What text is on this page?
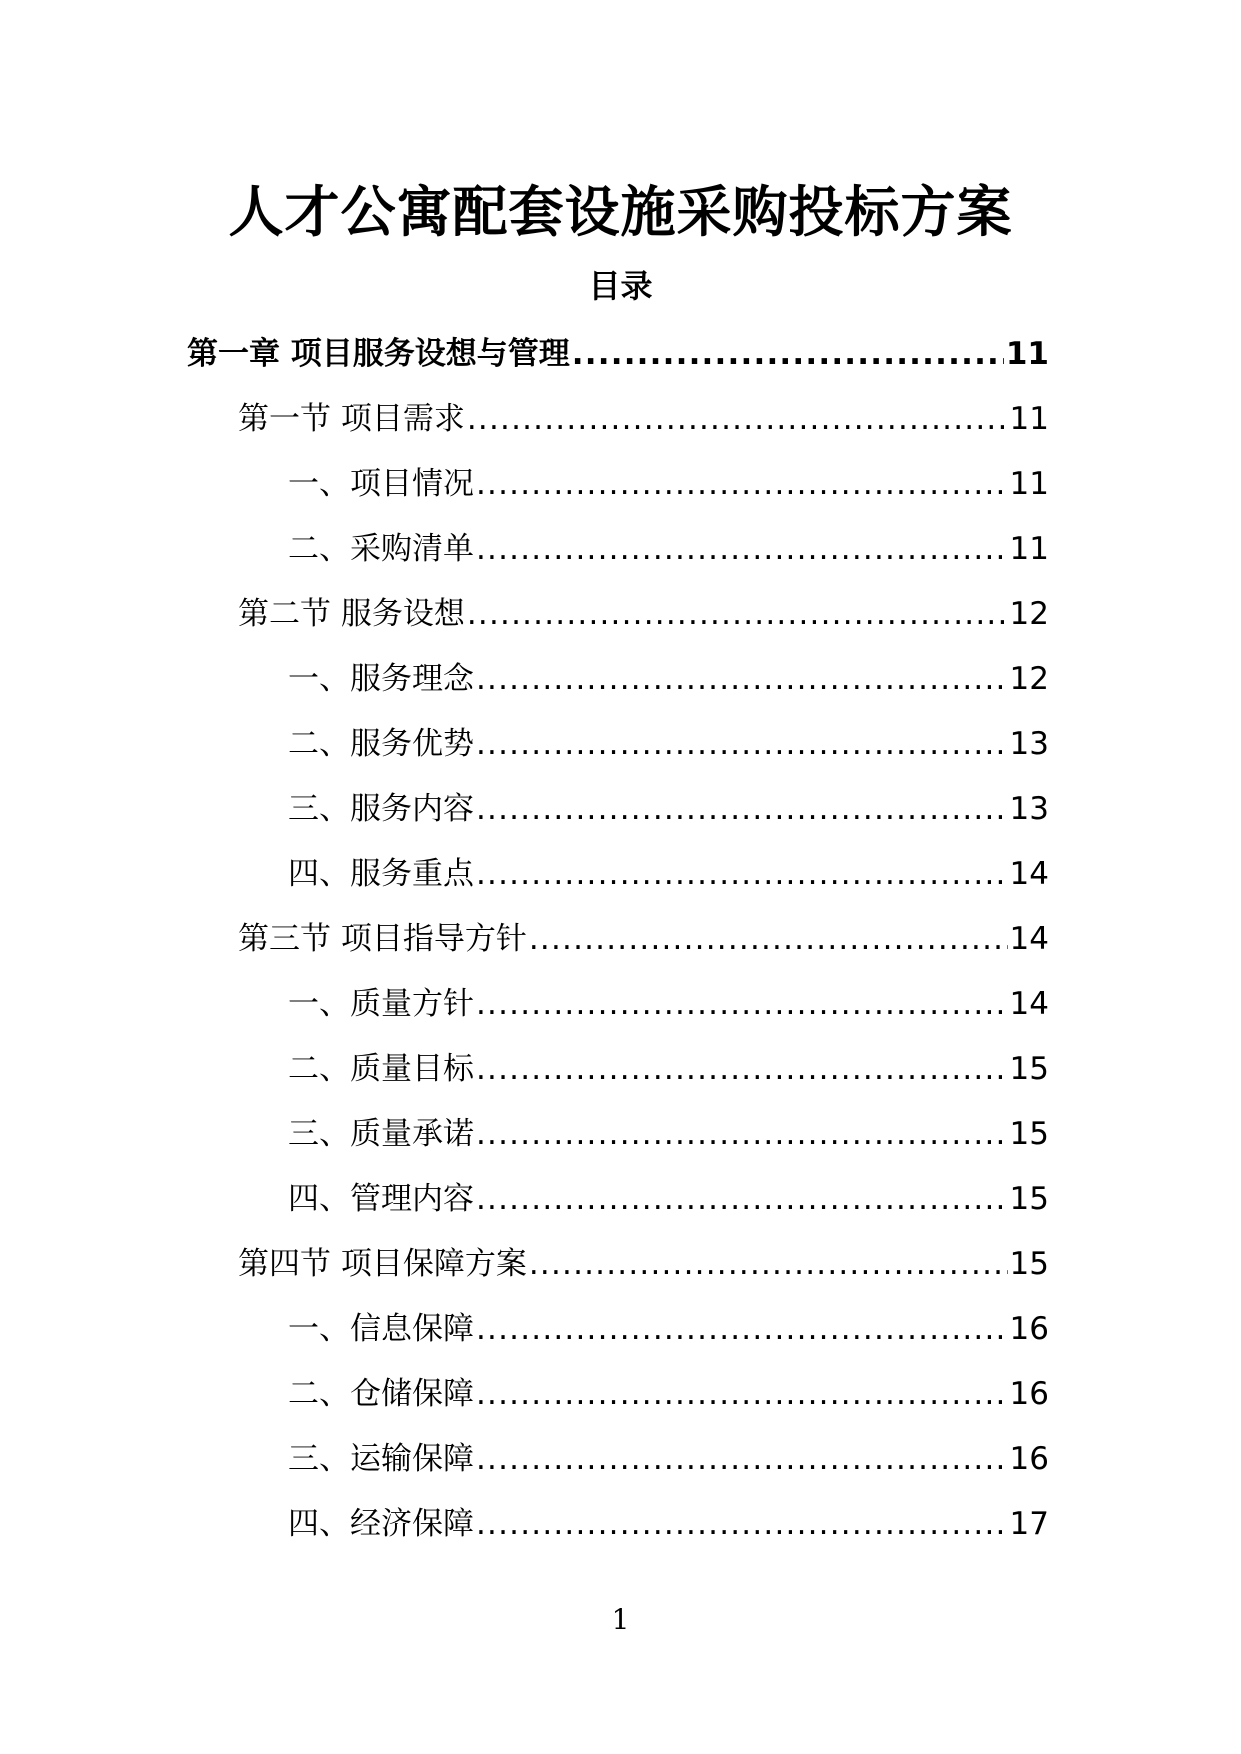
人才公寓配套设施采购投标方案
目录
第一章 项目服务设想与管理 .....	11
第一节 项目需求 .....	11
一、项目情况 .....	11
二、采购清单 .....	11
第二节 服务设想 .....	12
一、服务理念 .....	12
二、服务优势 .....	13
三、服务内容 .....	13
四、服务重点 .....	14
第三节 项目指导方针 .....	14
一、质量方针 .....	14
二、质量目标 .....	15
三、质量承诺 .....	15
四、管理内容 .....	15
第四节 项目保障方案 .....	15
一、信息保障 .....	16
二、仓储保障 .....	16
三、运输保障 .....	16
四、经济保障 .....	17
1
